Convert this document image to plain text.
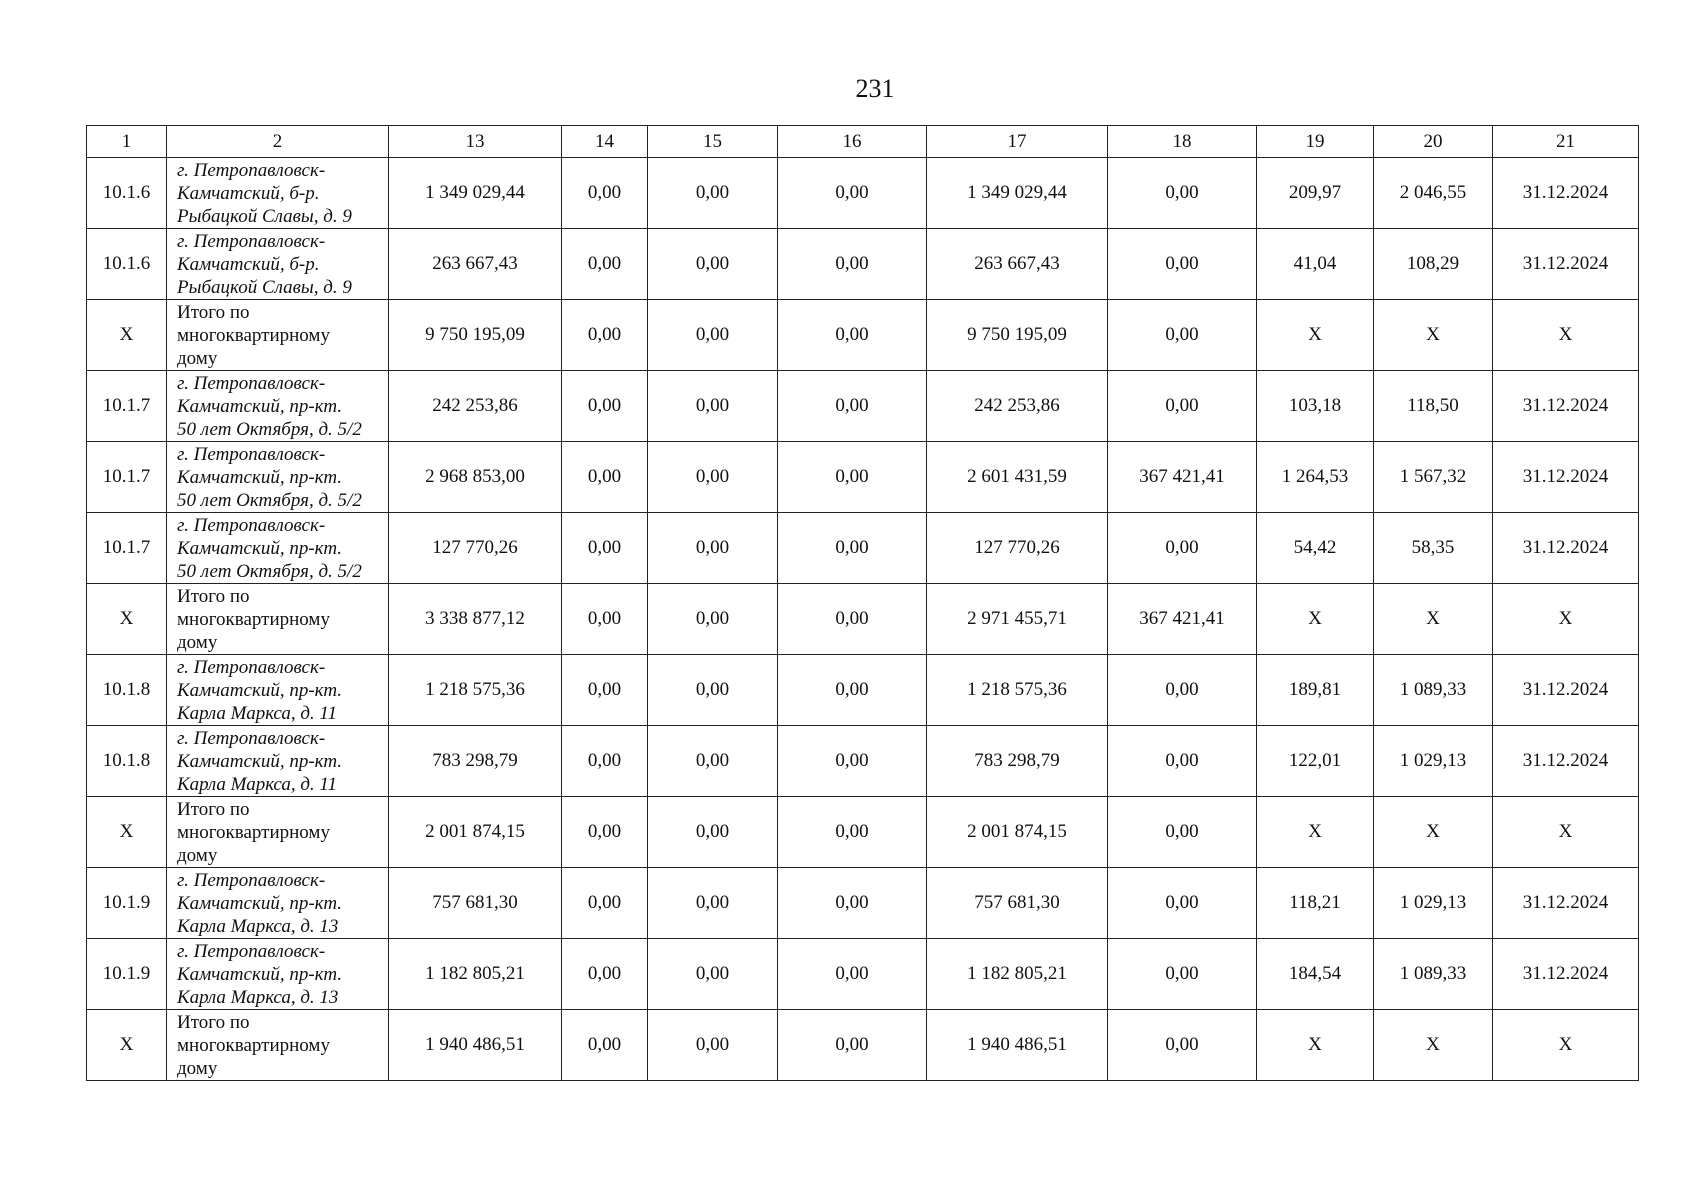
231
1	2	13	14	15	16	17	18	19	20	21
10.1.6	г. Петропавловск-
Камчатский, б-р.
Рыбацкой Славы, д. 9	1 349 029,44	0,00	0,00	0,00	1 349 029,44	0,00	209,97	2 046,55	31.12.2024
10.1.6	г. Петропавловск-
Камчатский, б-р.
Рыбацкой Славы, д. 9	263 667,43	0,00	0,00	0,00	263 667,43	0,00	41,04	108,29	31.12.2024
X	Итого по
многоквартирному
дому	9 750 195,09	0,00	0,00	0,00	9 750 195,09	0,00	X	X	X
10.1.7	г. Петропавловск-
Камчатский, пр-кт.
50 лет Октября, д. 5/2	242 253,86	0,00	0,00	0,00	242 253,86	0,00	103,18	118,50	31.12.2024
10.1.7	г. Петропавловск-
Камчатский, пр-кт.
50 лет Октября, д. 5/2	2 968 853,00	0,00	0,00	0,00	2 601 431,59	367 421,41	1 264,53	1 567,32	31.12.2024
10.1.7	г. Петропавловск-
Камчатский, пр-кт.
50 лет Октября, д. 5/2	127 770,26	0,00	0,00	0,00	127 770,26	0,00	54,42	58,35	31.12.2024
X	Итого по
многоквартирному
дому	3 338 877,12	0,00	0,00	0,00	2 971 455,71	367 421,41	X	X	X
10.1.8	г. Петропавловск-
Камчатский, пр-кт.
Карла Маркса, д. 11	1 218 575,36	0,00	0,00	0,00	1 218 575,36	0,00	189,81	1 089,33	31.12.2024
10.1.8	г. Петропавловск-
Камчатский, пр-кт.
Карла Маркса, д. 11	783 298,79	0,00	0,00	0,00	783 298,79	0,00	122,01	1 029,13	31.12.2024
X	Итого по
многоквартирному
дому	2 001 874,15	0,00	0,00	0,00	2 001 874,15	0,00	X	X	X
10.1.9	г. Петропавловск-
Камчатский, пр-кт.
Карла Маркса, д. 13	757 681,30	0,00	0,00	0,00	757 681,30	0,00	118,21	1 029,13	31.12.2024
10.1.9	г. Петропавловск-
Камчатский, пр-кт.
Карла Маркса, д. 13	1 182 805,21	0,00	0,00	0,00	1 182 805,21	0,00	184,54	1 089,33	31.12.2024
X	Итого по
многоквартирному
дому	1 940 486,51	0,00	0,00	0,00	1 940 486,51	0,00	X	X	X
